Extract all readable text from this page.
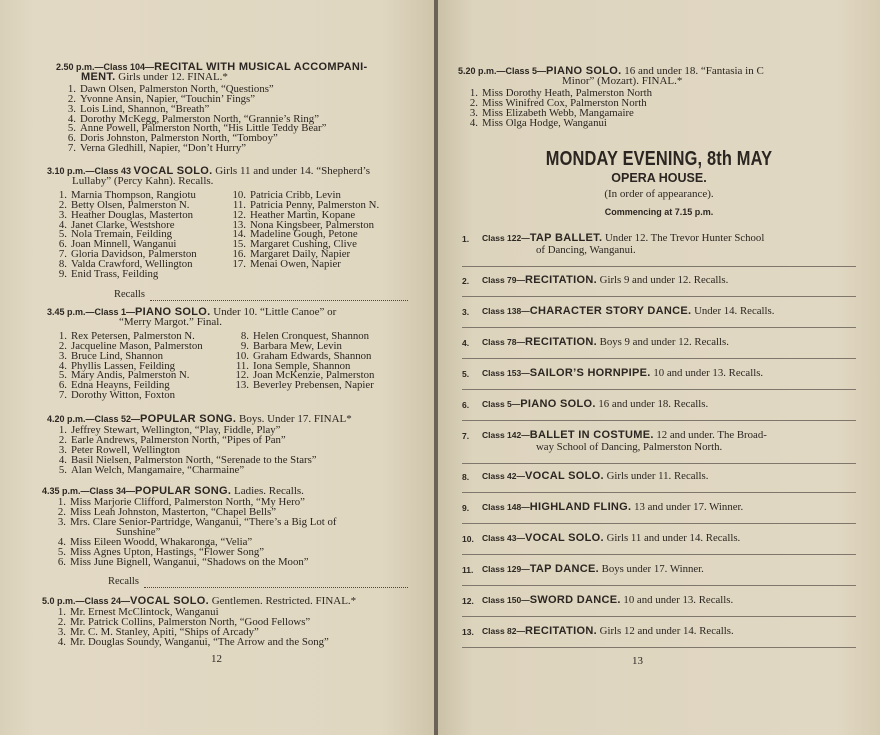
2.50 p.m.—Class 104—RECITAL WITH MUSICAL ACCOMPANI-
MENT. Girls under 12. FINAL.*
1. Dawn Olsen, Palmerston North, “Questions”
2. Yvonne Ansin, Napier, “Touchin’ Fings”
3. Lois Lind, Shannon, “Breath”
4. Dorothy McKegg, Palmerston North, “Grannie’s Ring”
5. Anne Powell, Palmerston North, “His Little Teddy Bear”
6. Doris Johnston, Palmerston North, “Tomboy”
7. Verna Gledhill, Napier, “Don’t Hurry”
3.10 p.m.—Class 43 VOCAL SOLO. Girls 11 and under 14. “Shepherd’s
Lullaby” (Percy Kahn). Recalls.
1. Marnia Thompson, Rangiotu
2. Betty Olsen, Palmerston N.
3. Heather Douglas, Masterton
4. Janet Clarke, Westshore
5. Nola Tremain, Feilding
6. Joan Minnell, Wanganui
7. Gloria Davidson, Palmerston
8. Valda Crawford, Wellington
9. Enid Trass, Feilding
10. Patricia Cribb, Levin
11. Patricia Penny, Palmerston N.
12. Heather Martin, Kopane
13. Nona Kingsbeer, Palmerston
14. Madeline Gough, Petone
15. Margaret Cushing, Clive
16. Margaret Daily, Napier
17. Menai Owen, Napier
Recalls
3.45 p.m.—Class 1—PIANO SOLO. Under 10. “Little Canoe” or
“Merry Margot.” Final.
1. Rex Petersen, Palmerston N.
2. Jacqueline Mason, Palmerston
3. Bruce Lind, Shannon
4. Phyllis Lassen, Feilding
5. Mary Andis, Palmerston N.
6. Edna Heayns, Feilding
7. Dorothy Witton, Foxton
8. Helen Cronquest, Shannon
9. Barbara Mew, Levin
10. Graham Edwards, Shannon
11. Iona Semple, Shannon
12. Joan McKenzie, Palmerston
13. Beverley Prebensen, Napier
4.20 p.m.—Class 52—POPULAR SONG. Boys. Under 17. FINAL*
1. Jeffrey Stewart, Wellington, “Play, Fiddle, Play”
2. Earle Andrews, Palmerston North, “Pipes of Pan”
3. Peter Rowell, Wellington
4. Basil Nielsen, Palmerston North, “Serenade to the Stars”
5. Alan Welch, Mangamaire, “Charmaine”
4.35 p.m.—Class 34—POPULAR SONG. Ladies. Recalls.
1. Miss Marjorie Clifford, Palmerston North, “My Hero”
2. Miss Leah Johnston, Masterton, “Chapel Bells”
3. Mrs. Clare Senior-Partridge, Wanganui, “There’s a Big Lot of
Sunshine”
4. Miss Eileen Woodd, Whakaronga, “Velia”
5. Miss Agnes Upton, Hastings, “Flower Song”
6. Miss June Bignell, Wanganui, “Shadows on the Moon”
Recalls
5.0 p.m.—Class 24—VOCAL SOLO. Gentlemen. Restricted. FINAL.*
1. Mr. Ernest McClintock, Wanganui
2. Mr. Patrick Collins, Palmerston North, “Good Fellows”
3. Mr. C. M. Stanley, Apiti, “Ships of Arcady”
4. Mr. Douglas Soundy, Wanganui, “The Arrow and the Song”
12
5.20 p.m.—Class 5—PIANO SOLO. 16 and under 18. “Fantasia in C
Minor” (Mozart). FINAL.*
1. Miss Dorothy Heath, Palmerston North
2. Miss Winifred Cox, Palmerston North
3. Miss Elizabeth Webb, Mangamaire
4. Miss Olga Hodge, Wanganui
MONDAY EVENING, 8th MAY
OPERA HOUSE.
(In order of appearance).
Commencing at 7.15 p.m.
1.	Class 122—TAP BALLET. Under 12. The Trevor Hunter School
of Dancing, Wanganui.
2.	Class 79—RECITATION. Girls 9 and under 12. Recalls.
3.	Class 138—CHARACTER STORY DANCE. Under 14. Recalls.
4.	Class 78—RECITATION. Boys 9 and under 12. Recalls.
5.	Class 153—SAILOR’S HORNPIPE. 10 and under 13. Recalls.
6.	Class 5—PIANO SOLO. 16 and under 18. Recalls.
7.	Class 142—BALLET IN COSTUME. 12 and under. The Broad-
way School of Dancing, Palmerston North.
8.	Class 42—VOCAL SOLO. Girls under 11. Recalls.
9.	Class 148—HIGHLAND FLING. 13 and under 17. Winner.
10. Class 43—VOCAL SOLO. Girls 11 and under 14. Recalls.
11.	Class 129—TAP DANCE. Boys under 17. Winner.
12. Class 150—SWORD DANCE. 10 and under 13. Recalls.
13. Class 82—RECITATION. Girls 12 and under 14. Recalls.
13
